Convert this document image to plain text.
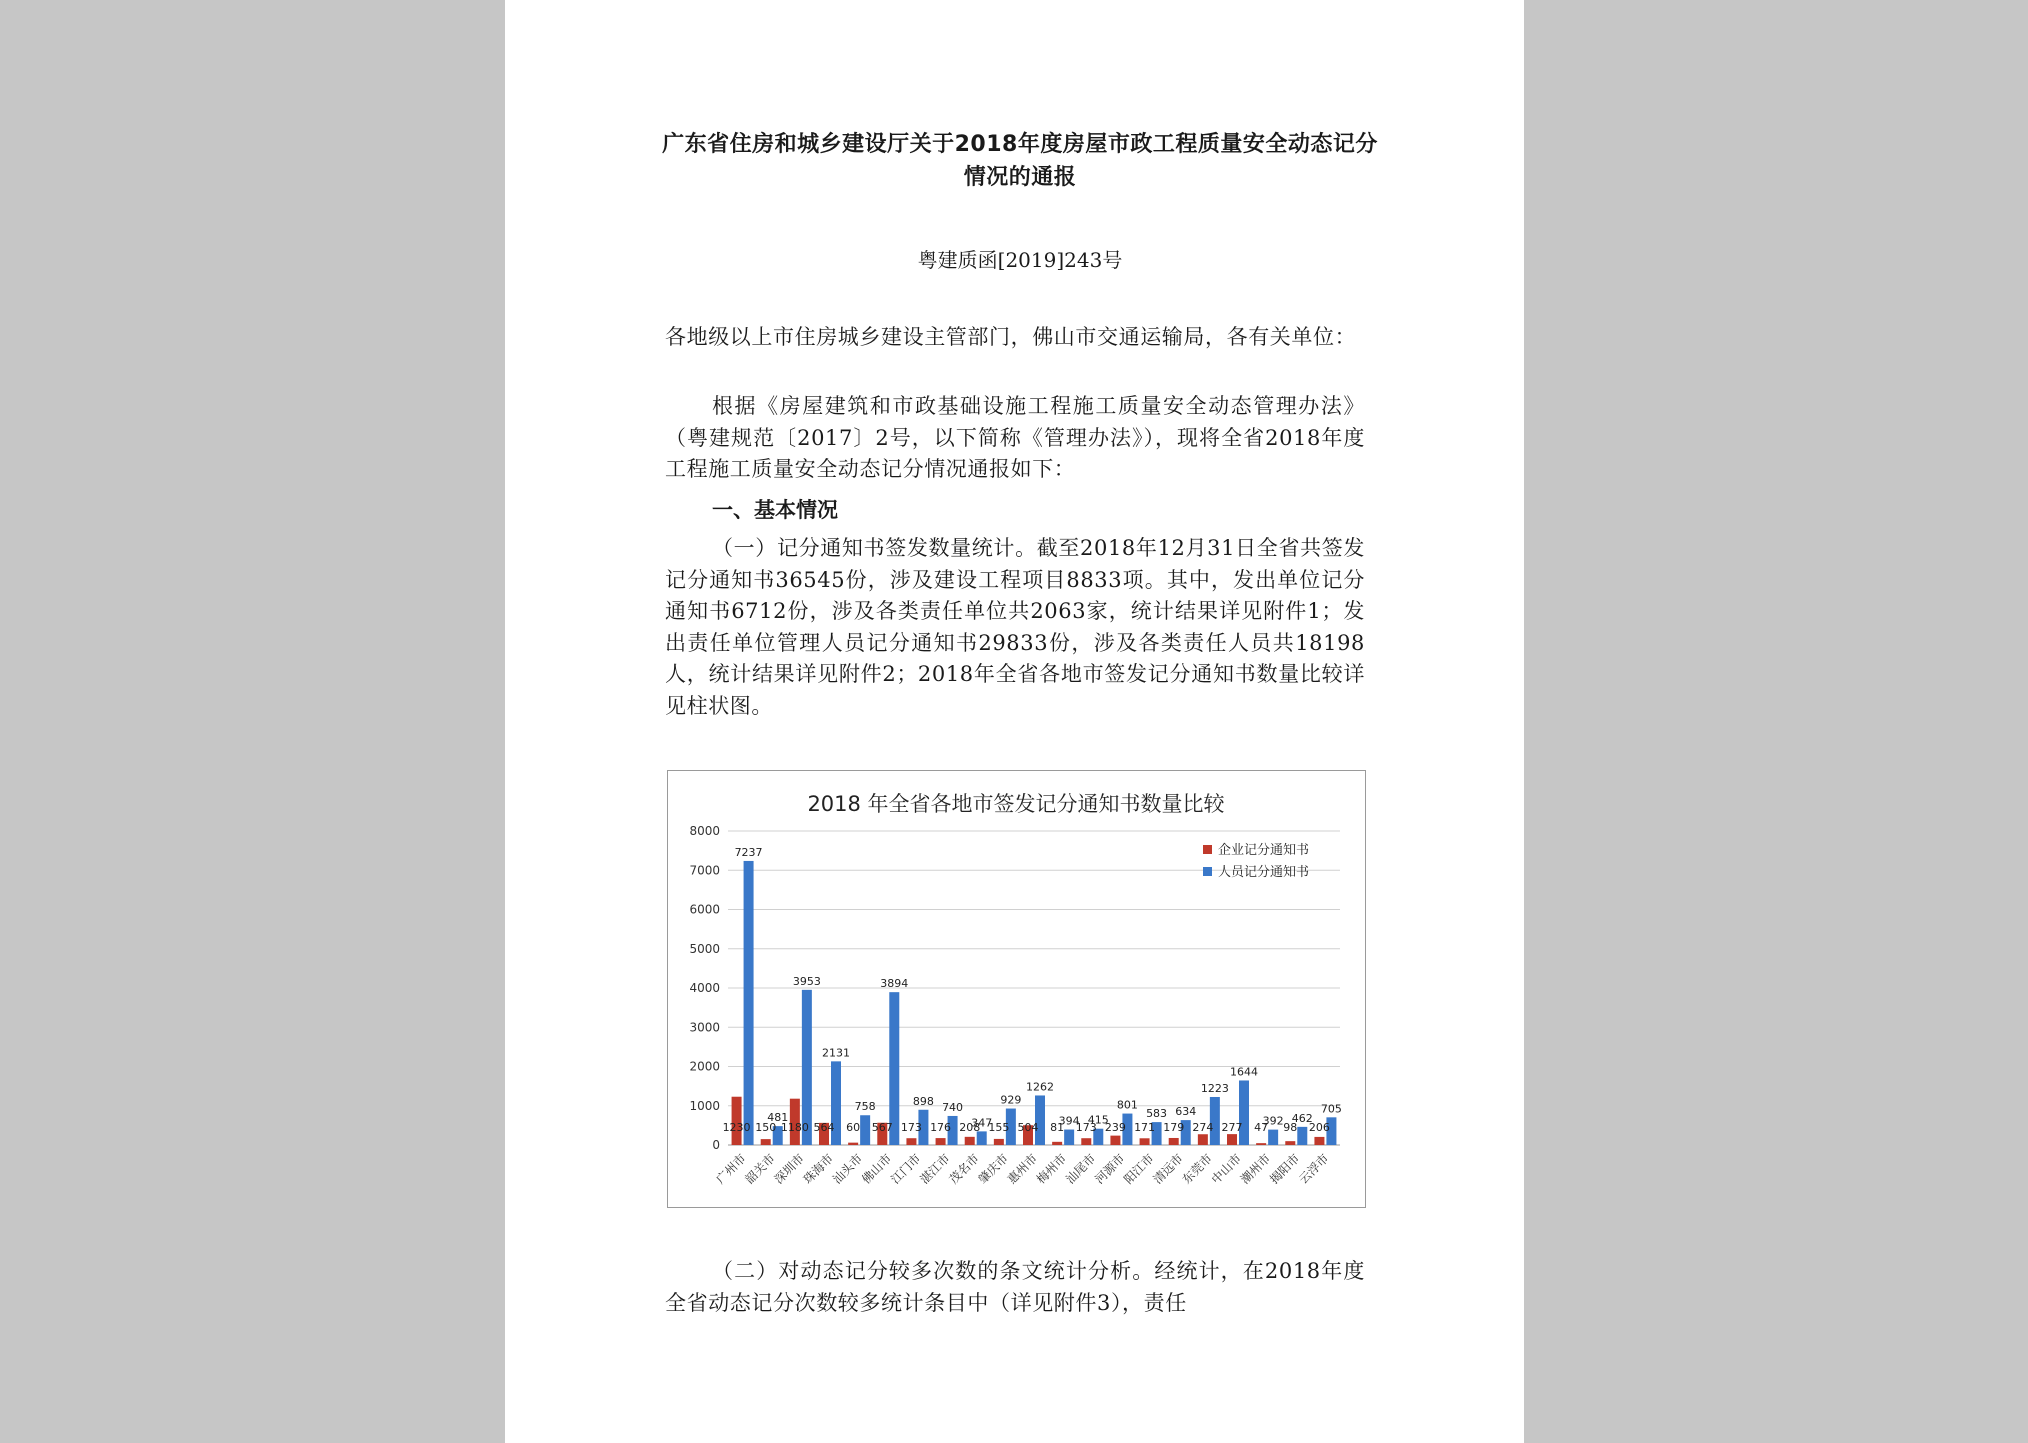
广东省住房和城乡建设厅关于2018年度房屋市政工程质量安全动态记分情况的通报
粤建质函[2019]243号
各地级以上市住房城乡建设主管部门，佛山市交通运输局，各有关单位：
根据《房屋建筑和市政基础设施工程施工质量安全动态管理办法》（粤建规范〔2017〕2号，以下简称《管理办法》），现将全省2018年度工程施工质量安全动态记分情况通报如下：
一、基本情况
（一）记分通知书签发数量统计。截至2018年12月31日全省共签发记分通知书36545份，涉及建设工程项目8833项。其中，发出单位记分通知书6712份，涉及各类责任单位共2063家，统计结果详见附件1；发出责任单位管理人员记分通知书29833份，涉及各类责任人员共18198人，统计结果详见附件2；2018年全省各地市签发记分通知书数量比较详见柱状图。
2018 年全省各地市签发记分通知书数量比较
0
1000
2000
3000
4000
5000
6000
7000
8000
1230
7237
广州市
150
481
韶关市
1180
3953
深圳市
564
2131
珠海市
60
758
汕头市
567
3894
佛山市
173
898
江门市
176
740
湛江市
208
347
茂名市
155
929
肇庆市
504
1262
惠州市
81
394
梅州市
173
415
汕尾市
239
801
河源市
171
583
阳江市
179
634
清远市
274
1223
东莞市
277
1644
中山市
47
392
潮州市
98
462
揭阳市
206
705
云浮市
企业记分通知书
人员记分通知书
（二）对动态记分较多次数的条文统计分析。经统计，在2018年度全省动态记分次数较多统计条目中（详见附件3），责任
